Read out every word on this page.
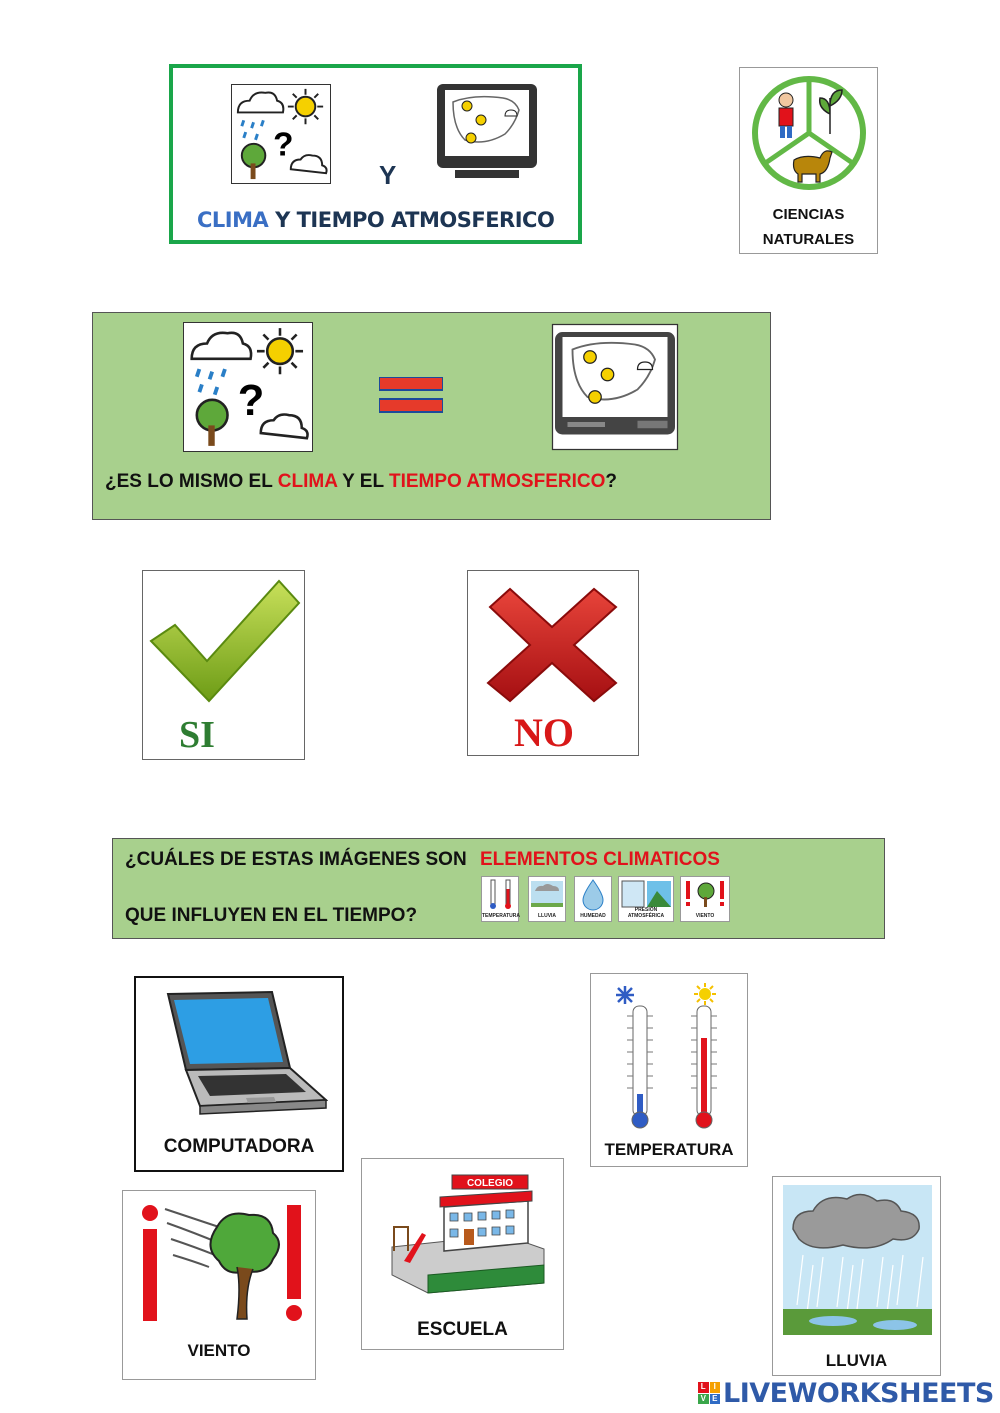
?
Y
CLIMA Y TIEMPO ATMOSFERICO	CIENCIAS
NATURALES
?
¿ES LO MISMO EL CLIMA Y EL TIEMPO ATMOSFERICO?
SI	NO
¿CUÁLES DE ESTAS IMÁGENES SON ELEMENTOS CLIMATICOS
QUE INFLUYEN EN EL TIEMPO?	TEMPERATURA	LLUVIA	HUMEDAD
PRESIÓN ATMOSFÉRICA	VIENTO
COMPUTADORA	TEMPERATURA
VIENTO
COLEGIO
ESCUELA
LLUVIA
L I
V E LIVEWORKSHEETS
